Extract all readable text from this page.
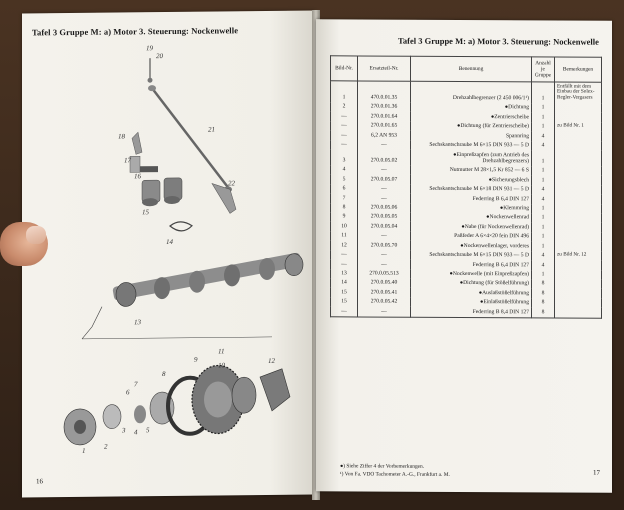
Tafel 3 Gruppe M: a) Motor 3. Steuerung: Nockenwelle
19
20
21
18
17
16
22
15
14
13
11
10
9	12
8
7
6
5
4
3
2
1
16
Tafel 3 Gruppe M: a) Motor 3. Steuerung: Nockenwelle
Bild-Nr.	Ersatzteil-Nr.	Benennung	Anzahl je Gruppe	Bemerkungen
1	470.0.01.35	Drehzahlbegrenzer (2 450 006/1¹)	1	Entfällt mit dem Einbau der Solex-Regler-Vergasers
2	270.0.01.36	●Dichtung	1	
—	270.0.01.64	●Zentrierscheibe	1	
—	270.0.01.65	●Dichtung (für Zentrierscheibe)	1	zu Bild Nr. 1
—	6,2 AN 953	Spannring	4	
—	—	Sechskantschraube M 6×15 DIN 933 — 5 D	4	
3	270.0.05.02	●Einpreßzapfen (zum Antrieb des Drehzahlbegrenzers)	1	
4	—	Nutmutter M 28×1,5 Kr 852 — 6 S	1	
5	270.0.05.07	●Sicherungsblech	1	
6	—	Sechskantschraube M 6×18 DIN 931 — 5 D	4	
7	—	Federring B 6,4 DIN 127	4	
8	270.0.05.06	●Klemmring	1	
9	270.0.05.05	●Nockenwellenrad	1	
10	270.0.05.04	●Nabe (für Nockenwellenrad)	1	
11	—	Paßfeder A 6×4×20 fein DIN 496	1	
12	270.0.05.70	●Nockenwellenlager, vorderes	1	
—	—	Sechskantschraube M 6×15 DIN 933 — 5 D	4	zu Bild Nr. 12
—	—	Federring B 6,4 DIN 127	4	
13	270.0.05.513	●Nockenwelle (mit Einpreßzapfen)	1	
14	270.0.05.40	●Dichtung (für Stößelführung)	8	
15	270.0.05.41	●Auslaßstößelführung	8	
15	270.0.05.42	●Einlaßstößelführung	8	
—	—	Federring B 8,4 DIN 127	8	
●) Siehe Ziffer 4 der Vorbemerkungen.
¹) Von Fa. VDO Tachometer A.-G., Frankfurt a. M.	17
